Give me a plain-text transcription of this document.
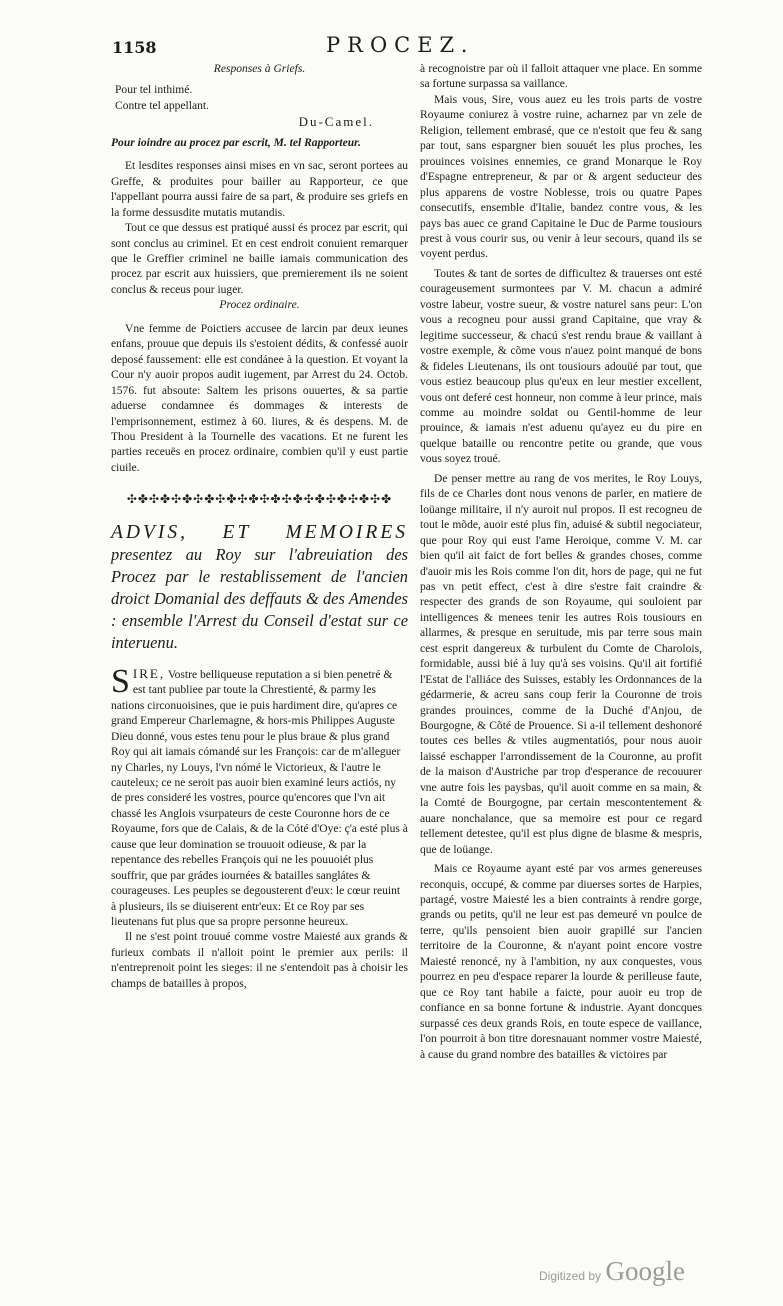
1158	PROCEZ.

Responses à Griefs.

Pour tel inthimé.

Contre tel appellant.

Du-Camel.

Pour ioindre au procez par escrit, M. tel Rapporteur.

Et lesdites responses ainsi mises en vn sac, seront portees au Greffe, & produites pour bailler au Rapporteur, ce que l'appellant pourra aussi faire de sa part, & produire ses griefs en la forme dessusdite mutatis mutandis.

Tout ce que dessus est pratiqué aussi és procez par escrit, qui sont conclus au criminel. Et en cest endroit conuient remarquer que le Greffier criminel ne baille iamais communication des procez par escrit aux huissiers, que premierement ils ne soient conclus & receus pour iuger.

Procez ordinaire.

Vne femme de Poictiers accusee de larcin par deux ieunes enfans, prouue que depuis ils s'estoient dédits, & confessé auoir deposé faussement: elle est condánee à la question. Et voyant la Cour n'y auoir propos audit iugement, par Arrest du 24. Octob. 1576. fut absoute: Saltem les prisons ouuertes, & sa partie aduerse condamnee és dommages & interests de l'emprisonnement, estimez à 60. liures, & és despens. M. de Thou President à la Tournelle des vacations. Et ne furent les parties receuës en procez ordinaire, combien qu'il y eust partie ciuile.

✣✤✣✤✣✤✣✤✣✤✣✤✣✤✣✤✣✤✣✤✣✤✣✤

ADVIS, ET MEMOIRES presentez au Roy sur l'abreuiation des Procez par le restablissement de l'ancien droict Domanial des deffauts & des Amendes : ensemble l'Arrest du Conseil d'estat sur ce interuenu.

S IRE, Vostre belliqueuse reputation a si bien penetré & est tant publiee par toute la Chrestienté, & parmy les nations circonuoisines, que ie puis hardiment dire, qu'apres ce grand Empereur Charlemagne, & hors-mis Philippes Auguste Dieu donné, vous estes tenu pour le plus braue & plus grand Roy qui ait iamais cómandé sur les François: car de m'alleguer ny Charles, ny Louys, l'vn nómé le Victorieux, & l'autre le cauteleux; ce ne seroit pas auoir bien examiné leurs actiós, ny de pres consideré les vostres, pource qu'encores que l'vn ait chassé les Anglois vsurpateurs de ceste Couronne hors de ce Royaume, fors que de Calais, & de la Cóté d'Oye: ç'a esté plus à cause que leur domination se trouuoit odieuse, & par la repentance des rebelles François qui ne les pouuoiét plus souffrir, que par grádes iournées & batailles sanglátes & courageuses. Les peuples se degousterent d'eux: le cœur reuint à plusieurs, ils se diuiserent entr'eux: Et ce Roy par ses lieutenans fut plus que sa propre personne heureux.

Il ne s'est point trouué comme vostre Maiesté aux grands & furieux combats il n'alloit point le premier aux perils: il n'entreprenoit point les sieges: il ne s'entendoit pas à choisir les champs de batailles à propos,

à recognoistre par où il falloit attaquer vne place. En somme sa fortune surpassa sa vaillance.

Mais vous, Sire, vous auez eu les trois parts de vostre Royaume coniurez à vostre ruine, acharnez par vn zele de Religion, tellement embrasé, que ce n'estoit que feu & sang par tout, sans espargner bien souuét les plus proches, les prouinces voisines ennemies, ce grand Monarque le Roy d'Espagne entrepreneur, & par or & argent seducteur des plus apparens de vostre Noblesse, trois ou quatre Papes consecutifs, ensemble d'Italie, bandez contre vous, & les pays bas auec ce grand Capitaine le Duc de Parme tousiours prest à vous courir sus, ou venir à leur secours, quand ils se voyent perdus.

Toutes & tant de sortes de difficultez & trauerses ont esté courageusement surmontees par V. M. chacun a admiré vostre labeur, vostre sueur, & vostre naturel sans peur: L'on vous a recogneu pour aussi grand Capitaine, que vray & legitime successeur, & chacú s'est rendu braue & vaillant à vostre exemple, & cõme vous n'auez point manqué de bons & fideles Lieutenans, ils ont tousiours adouüé par tout, que vous estiez beaucoup plus qu'eux en leur mestier excellent, vous ont deferé cest honneur, non comme à leur prince, mais comme au moindre soldat ou Gentil-homme de leur prouince, & iamais n'est aduenu qu'ayez eu du pire en quelque bataille ou rencontre petite ou grande, que vous vous soyez troué.

De penser mettre au rang de vos merites, le Roy Louys, fils de ce Charles dont nous venons de parler, en matiere de loüange militaire, il n'y auroit nul propos. Il est recogneu de tout le mõde, auoir esté plus fin, aduisé & subtil negociateur, que pour Roy qui eust l'ame Heroique, comme V. M. car bien qu'il ait faict de fort belles & grandes choses, comme d'auoir mis les Rois comme l'on dit, hors de page, qui ne fut pas vn petit effect, c'est à dire s'estre fait craindre & respecter des grands de son Royaume, qui souloient par intelligences & menees tenir les autres Rois tousiours en allarmes, & presque en seruitude, mis par terre sous main cest esprit dangereux & turbulent du Comte de Charolois, formidable, aussi bié à luy qu'à ses voisins. Qu'il ait fortifié l'Estat de l'alliáce des Suisses, estably les Ordonnances de la gédarmerie, & acreu sans coup ferir la Couronne de trois grandes prouinces, comme de la Duché d'Anjou, de Bourgogne, & Cõté de Prouence. Si a-il tellement deshonoré toutes ces belles & vtiles augmentatiós, pour nous auoir laissé eschapper l'arrondissement de la Couronne, au profit de la maison d'Austriche par trop d'esperance de recouurer vne autre fois les paysbas, qu'il auoit comme en sa main, & la Comté de Bourgogne, par certain mescontentement & auare nonchalance, que sa memoire est pour ce regard tellement detestee, qu'il est plus digne de blasme & mespris, que de loüange.

Mais ce Royaume ayant esté par vos armes genereuses reconquis, occupé, & comme par diuerses sortes de Harpies, partagé, vostre Maiesté les a bien contraints à rendre gorge, grands ou petits, qu'il ne leur est pas demeuré vn poulce de terre, qu'ils pensoient bien auoir grapillé sur l'ancien territoire de la Couronne, & n'ayant point encore vostre Maiesté renoncé, ny à l'ambition, ny aux conquestes, vous pourrez en peu d'espace reparer la lourde & perilleuse faute, que ce Roy tant habile a faicte, pour auoir eu trop de confiance en sa bonne fortune & industrie. Ayant doncques surpassé ces deux grands Rois, en toute espece de vaillance, l'on pourroit à bon titre doresnauant nommer vostre Maiesté, à cause du grand nombre des batailles & victoires par

Digitized by Google
